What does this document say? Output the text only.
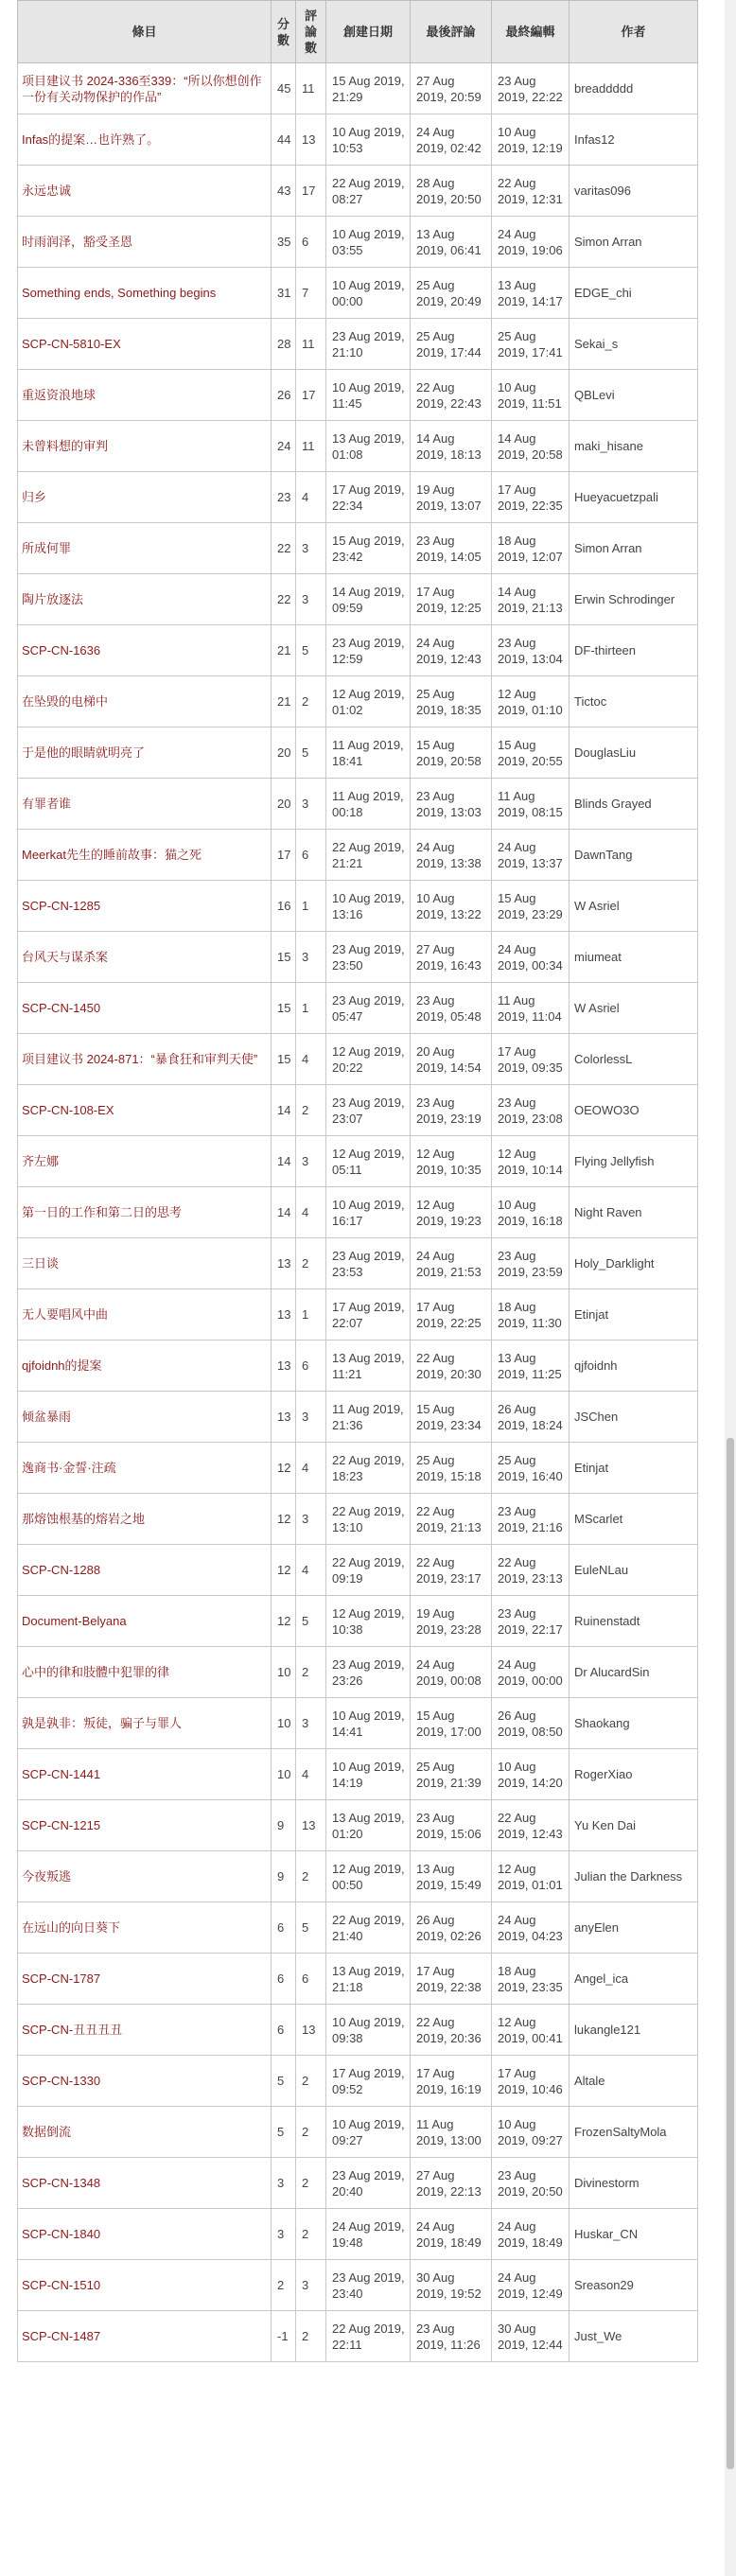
條目	分數	評論數	創建日期	最後評論	最終編輯	作者
项目建议书 2024-336至339：“所以你想创作一份有关动物保护的作品”	45	11	15 Aug 2019, 21:29	27 Aug 2019, 20:59	23 Aug 2019, 22:22	breaddddd
Infas的提案…也许熟了。	44	13	10 Aug 2019, 10:53	24 Aug 2019, 02:42	10 Aug 2019, 12:19	Infas12
永远忠诚	43	17	22 Aug 2019, 08:27	28 Aug 2019, 20:50	22 Aug 2019, 12:31	varitas096
时雨润泽，豁受圣恩	35	6	10 Aug 2019, 03:55	13 Aug 2019, 06:41	24 Aug 2019, 19:06	Simon Arran
Something ends, Something begins	31	7	10 Aug 2019, 00:00	25 Aug 2019, 20:49	13 Aug 2019, 14:17	EDGE_chi
SCP-CN-5810-EX	28	11	23 Aug 2019, 21:10	25 Aug 2019, 17:44	25 Aug 2019, 17:41	Sekai_s
重返资浪地球	26	17	10 Aug 2019, 11:45	22 Aug 2019, 22:43	10 Aug 2019, 11:51	QBLevi
未曾料想的审判	24	11	13 Aug 2019, 01:08	14 Aug 2019, 18:13	14 Aug 2019, 20:58	maki_hisane
归乡	23	4	17 Aug 2019, 22:34	19 Aug 2019, 13:07	17 Aug 2019, 22:35	Hueyacuetzpali
所成何罪	22	3	15 Aug 2019, 23:42	23 Aug 2019, 14:05	18 Aug 2019, 12:07	Simon Arran
陶片放逐法	22	3	14 Aug 2019, 09:59	17 Aug 2019, 12:25	14 Aug 2019, 21:13	Erwin Schrodinger
SCP-CN-1636	21	5	23 Aug 2019, 12:59	24 Aug 2019, 12:43	23 Aug 2019, 13:04	DF-thirteen
在坠毁的电梯中	21	2	12 Aug 2019, 01:02	25 Aug 2019, 18:35	12 Aug 2019, 01:10	Tictoc
于是他的眼睛就明亮了	20	5	11 Aug 2019, 18:41	15 Aug 2019, 20:58	15 Aug 2019, 20:55	DouglasLiu
有罪者谁	20	3	11 Aug 2019, 00:18	23 Aug 2019, 13:03	11 Aug 2019, 08:15	Blinds Grayed
Meerkat先生的睡前故事：猫之死	17	6	22 Aug 2019, 21:21	24 Aug 2019, 13:38	24 Aug 2019, 13:37	DawnTang
SCP-CN-1285	16	1	10 Aug 2019, 13:16	10 Aug 2019, 13:22	15 Aug 2019, 23:29	W Asriel
台风天与谋杀案	15	3	23 Aug 2019, 23:50	27 Aug 2019, 16:43	24 Aug 2019, 00:34	miumeat
SCP-CN-1450	15	1	23 Aug 2019, 05:47	23 Aug 2019, 05:48	11 Aug 2019, 11:04	W Asriel
项目建议书 2024-871：“暴食狂和审判天使”	15	4	12 Aug 2019, 20:22	20 Aug 2019, 14:54	17 Aug 2019, 09:35	ColorlessL
SCP-CN-108-EX	14	2	23 Aug 2019, 23:07	23 Aug 2019, 23:19	23 Aug 2019, 23:08	OEOWO3O
齐左娜	14	3	12 Aug 2019, 05:11	12 Aug 2019, 10:35	12 Aug 2019, 10:14	Flying Jellyfish
第一日的工作和第二日的思考	14	4	10 Aug 2019, 16:17	12 Aug 2019, 19:23	10 Aug 2019, 16:18	Night Raven
三日谈	13	2	23 Aug 2019, 23:53	24 Aug 2019, 21:53	23 Aug 2019, 23:59	Holy_Darklight
无人要唱风中曲	13	1	17 Aug 2019, 22:07	17 Aug 2019, 22:25	18 Aug 2019, 11:30	Etinjat
qjfoidnh的提案	13	6	13 Aug 2019, 11:21	22 Aug 2019, 20:30	13 Aug 2019, 11:25	qjfoidnh
倾盆暴雨	13	3	11 Aug 2019, 21:36	15 Aug 2019, 23:34	26 Aug 2019, 18:24	JSChen
逸商书·金誓·注疏	12	4	22 Aug 2019, 18:23	25 Aug 2019, 15:18	25 Aug 2019, 16:40	Etinjat
那熔蚀根基的熔岩之地	12	3	22 Aug 2019, 13:10	22 Aug 2019, 21:13	23 Aug 2019, 21:16	MScarlet
SCP-CN-1288	12	4	22 Aug 2019, 09:19	22 Aug 2019, 23:17	22 Aug 2019, 23:13	EuleNLau
Document-Belyana	12	5	12 Aug 2019, 10:38	19 Aug 2019, 23:28	23 Aug 2019, 22:17	Ruinenstadt
心中的律和肢體中犯罪的律	10	2	23 Aug 2019, 23:26	24 Aug 2019, 00:08	24 Aug 2019, 00:00	Dr AlucardSin
孰是孰非：叛徒，骗子与罪人	10	3	10 Aug 2019, 14:41	15 Aug 2019, 17:00	26 Aug 2019, 08:50	Shaokang
SCP-CN-1441	10	4	10 Aug 2019, 14:19	25 Aug 2019, 21:39	10 Aug 2019, 14:20	RogerXiao
SCP-CN-1215	9	13	13 Aug 2019, 01:20	23 Aug 2019, 15:06	22 Aug 2019, 12:43	Yu Ken Dai
今夜叛逃	9	2	12 Aug 2019, 00:50	13 Aug 2019, 15:49	12 Aug 2019, 01:01	Julian the Darkness
在远山的向日葵下	6	5	22 Aug 2019, 21:40	26 Aug 2019, 02:26	24 Aug 2019, 04:23	anyElen
SCP-CN-1787	6	6	13 Aug 2019, 21:18	17 Aug 2019, 22:38	18 Aug 2019, 23:35	Angel_ica
SCP-CN-丑丑丑丑	6	13	10 Aug 2019, 09:38	22 Aug 2019, 20:36	12 Aug 2019, 00:41	lukangle121
SCP-CN-1330	5	2	17 Aug 2019, 09:52	17 Aug 2019, 16:19	17 Aug 2019, 10:46	Altale
数据倒流	5	2	10 Aug 2019, 09:27	11 Aug 2019, 13:00	10 Aug 2019, 09:27	FrozenSaltyMola
SCP-CN-1348	3	2	23 Aug 2019, 20:40	27 Aug 2019, 22:13	23 Aug 2019, 20:50	Divinestorm
SCP-CN-1840	3	2	24 Aug 2019, 19:48	24 Aug 2019, 18:49	24 Aug 2019, 18:49	Huskar_CN
SCP-CN-1510	2	3	23 Aug 2019, 23:40	30 Aug 2019, 19:52	24 Aug 2019, 12:49	Sreason29
SCP-CN-1487	-1	2	22 Aug 2019, 22:11	23 Aug 2019, 11:26	30 Aug 2019, 12:44	Just_We
